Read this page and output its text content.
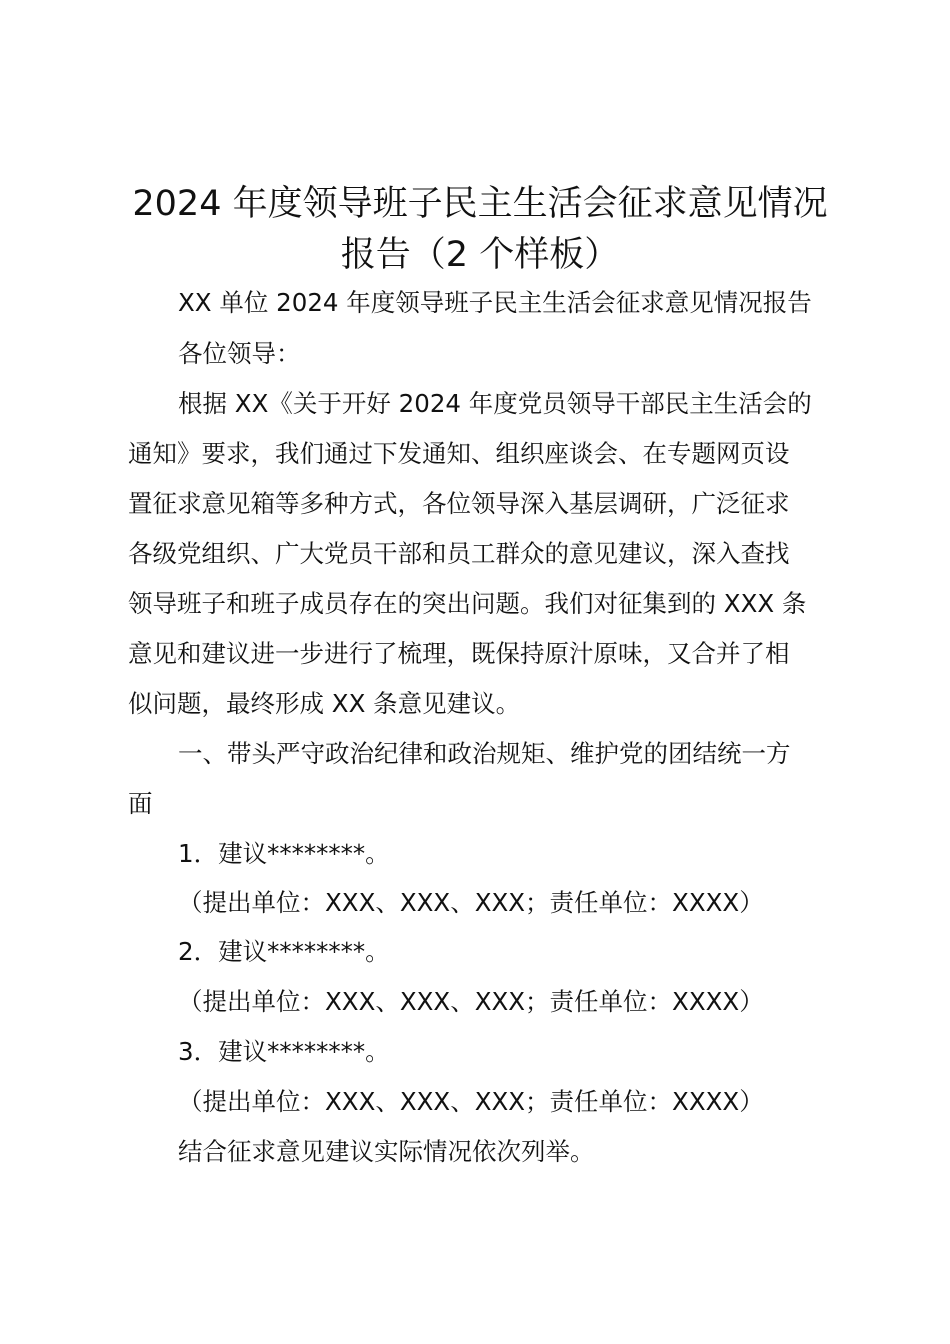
2024 年度领导班子民主生活会征求意见情况
报告（2 个样板）
XX 单位 2024 年度领导班子民主生活会征求意见情况报告
各位领导：
根据 XX《关于开好 2024 年度党员领导干部民主生活会的
通知》要求，我们通过下发通知、组织座谈会、在专题网页设
置征求意见箱等多种方式，各位领导深入基层调研，广泛征求
各级党组织、广大党员干部和员工群众的意见建议，深入查找
领导班子和班子成员存在的突出问题。我们对征集到的 XXX 条
意见和建议进一步进行了梳理，既保持原汁原味，又合并了相
似问题，最终形成 XX 条意见建议。
一、带头严守政治纪律和政治规矩、维护党的团结统一方
面
1．建议********。
（提出单位：XXX、XXX、XXX；责任单位：XXXX）
2．建议********。
（提出单位：XXX、XXX、XXX；责任单位：XXXX）
3．建议********。
（提出单位：XXX、XXX、XXX；责任单位：XXXX）
结合征求意见建议实际情况依次列举。
